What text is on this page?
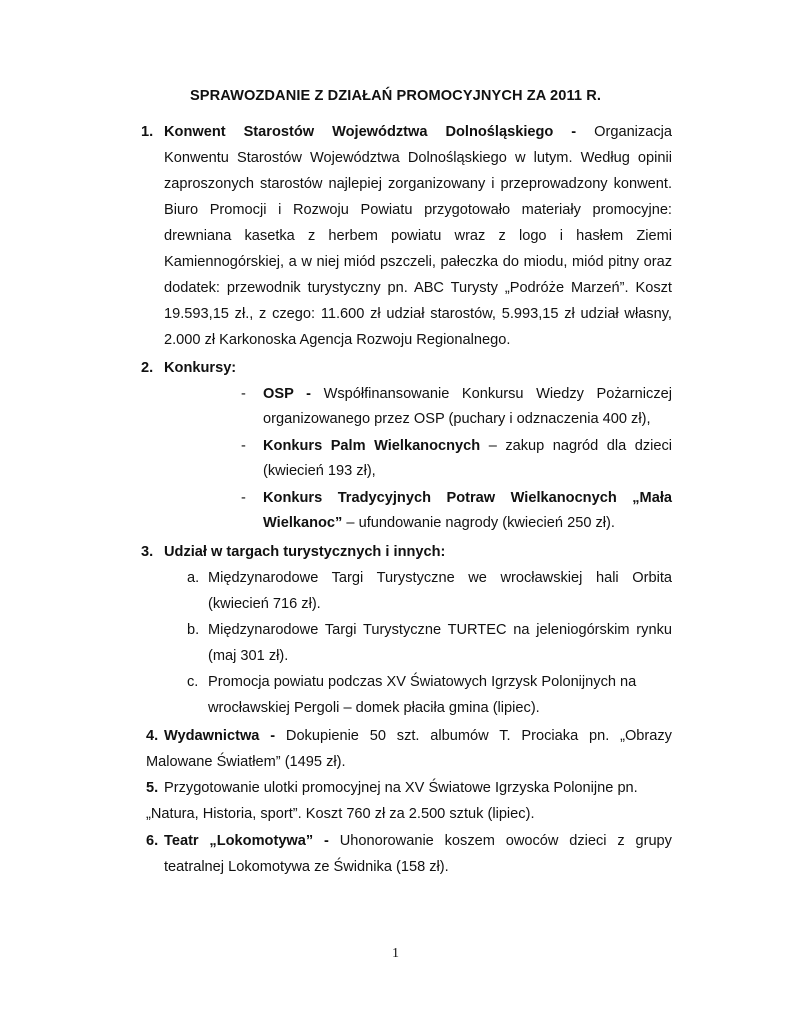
SPRAWOZDANIE Z DZIAŁAŃ PROMOCYJNYCH ZA 2011 R.
1. Konwent Starostów Województwa Dolnośląskiego - Organizacja
Konwentu Starostów Województwa Dolnośląskiego w lutym. Według opinii
zaproszonych starostów najlepiej zorganizowany i przeprowadzony konwent.
Biuro Promocji i Rozwoju Powiatu przygotowało materiały promocyjne:
drewniana kasetka z herbem powiatu wraz z logo i hasłem Ziemi
Kamiennogórskiej, a w niej miód pszczeli, pałeczka do miodu, miód pitny oraz
dodatek: przewodnik turystyczny pn. ABC Turysty „Podróże Marzeń”. Koszt
19.593,15 zł., z czego: 11.600 zł udział starostów, 5.993,15 zł udział własny,
2.000 zł Karkonoska Agencja Rozwoju Regionalnego.
2. Konkursy:
- OSP - Współfinansowanie Konkursu Wiedzy Pożarniczej
organizowanego przez OSP (puchary i odznaczenia 400 zł),
- Konkurs Palm Wielkanocnych – zakup nagród dla dzieci
(kwiecień 193 zł),
- Konkurs Tradycyjnych Potraw Wielkanocnych „Mała
Wielkanoc” – ufundowanie nagrody (kwiecień 250 zł).
3. Udział w targach turystycznych i innych:
a. Międzynarodowe Targi Turystyczne we wrocławskiej hali Orbita
(kwiecień 716 zł).
b. Międzynarodowe Targi Turystyczne TURTEC na jeleniogórskim rynku
(maj 301 zł).
c. Promocja powiatu podczas XV Światowych Igrzysk Polonijnych na
wrocławskiej Pergoli – domek płaciła gmina (lipiec).
4. Wydawnictwa - Dokupienie 50 szt. albumów T. Prociaka pn. „Obrazy
Malowane Światłem” (1495 zł).
5. Przygotowanie ulotki promocyjnej na XV Światowe Igrzyska Polonijne pn.
„Natura, Historia, sport”. Koszt 760 zł za 2.500 sztuk (lipiec).
6. Teatr „Lokomotywa” - Uhonorowanie koszem owoców dzieci z grupy
teatralnej Lokomotywa ze Świdnika (158 zł).
1
